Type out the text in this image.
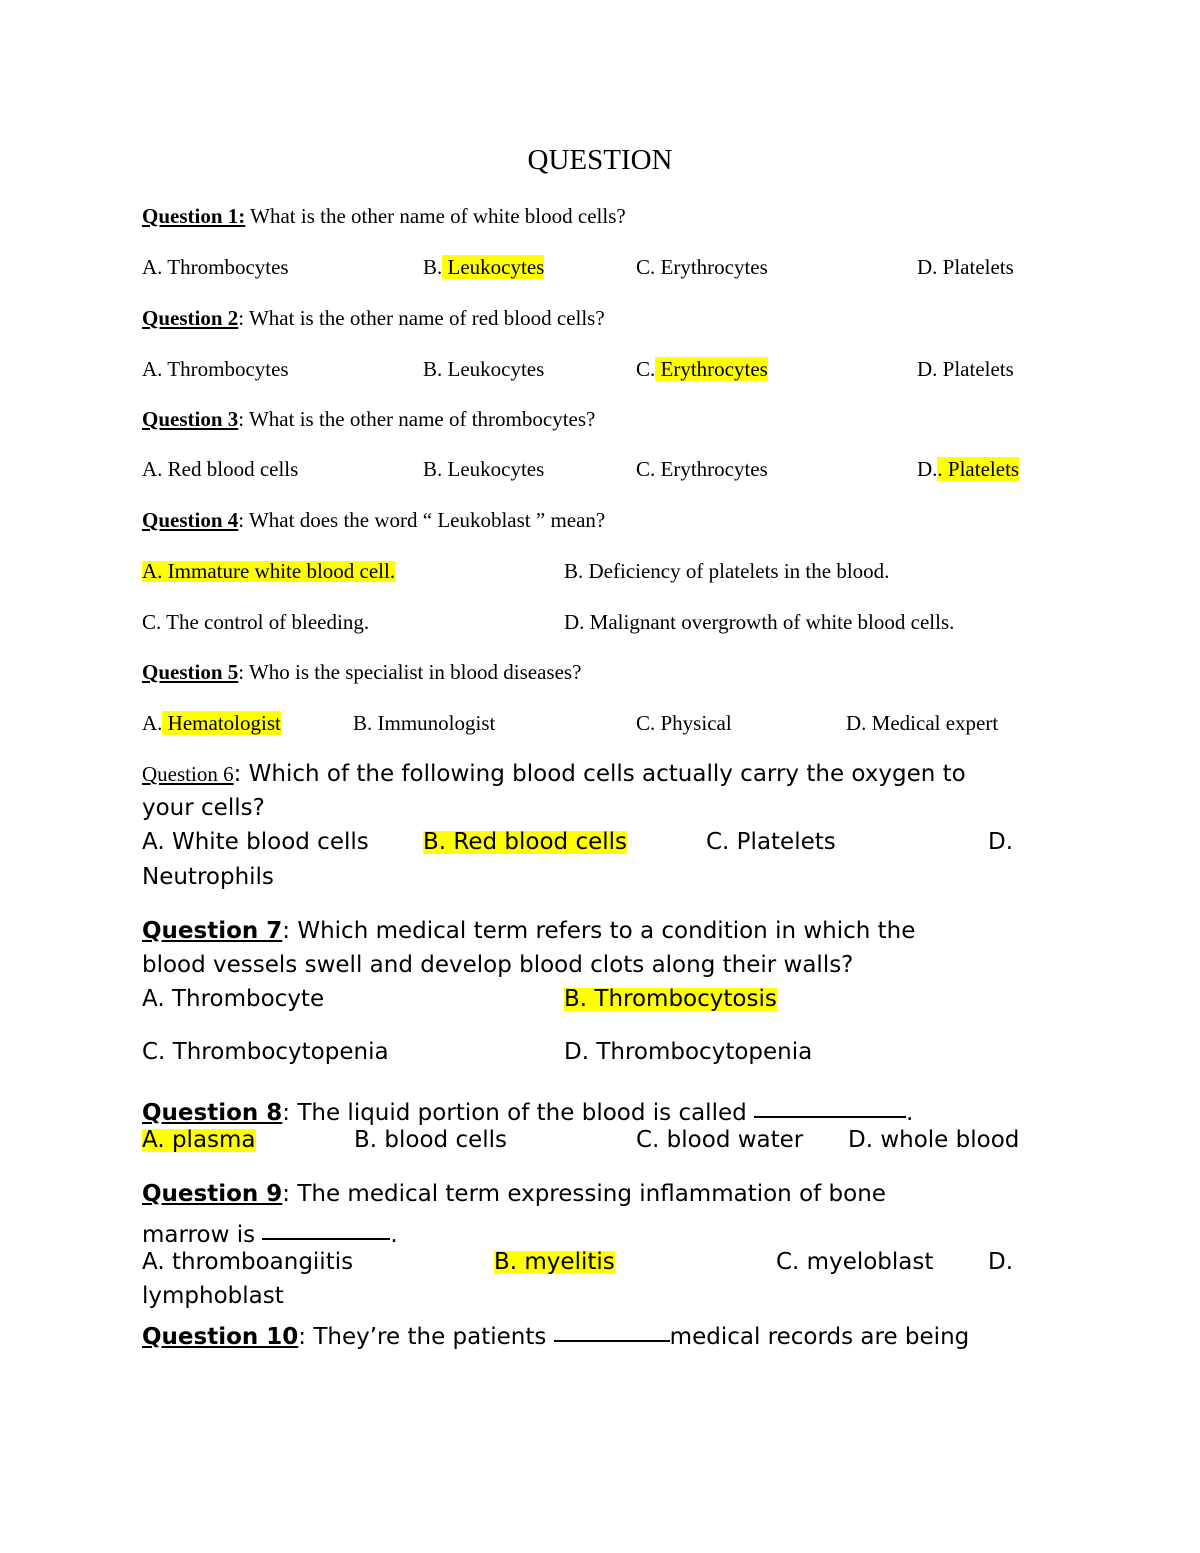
QUESTION
Question 1: What is the other name of white blood cells?
A. Thrombocytes	B. Leukocytes	C. Erythrocytes	D. Platelets
Question 2: What is the other name of red blood cells?
A. Thrombocytes	B. Leukocytes	C. Erythrocytes	D. Platelets
Question 3: What is the other name of thrombocytes?
A. Red blood cells	B. Leukocytes	C. Erythrocytes	D.. Platelets
Question 4: What does the word “ Leukoblast ” mean?
A. Immature white blood cell.	B. Deficiency of platelets in the blood.
C. The control of bleeding.	D. Malignant overgrowth of white blood cells.
Question 5: Who is the specialist in blood diseases?
A. Hematologist	B. Immunologist	C. Physical	D. Medical expert
Question 6: Which of the following blood cells actually carry the oxygen to
your cells?
A. White blood cells B. Red blood cells	C. Platelets	D.
Neutrophils
Question 7: Which medical term refers to a condition in which the
blood vessels swell and develop blood clots along their walls?
A. Thrombocyte	B. Thrombocytosis
C. Thrombocytopenia	D. Thrombocytopenia
Question 8: The liquid portion of the blood is called	.
A. plasma	B. blood cells	C. blood water D. whole blood
Question 9: The medical term expressing inflammation of bone
marrow is	.
A. thromboangiitis	B. myelitis	C. myeloblast D.
lymphoblast
Question 10: They’re the patients	medical records are being
